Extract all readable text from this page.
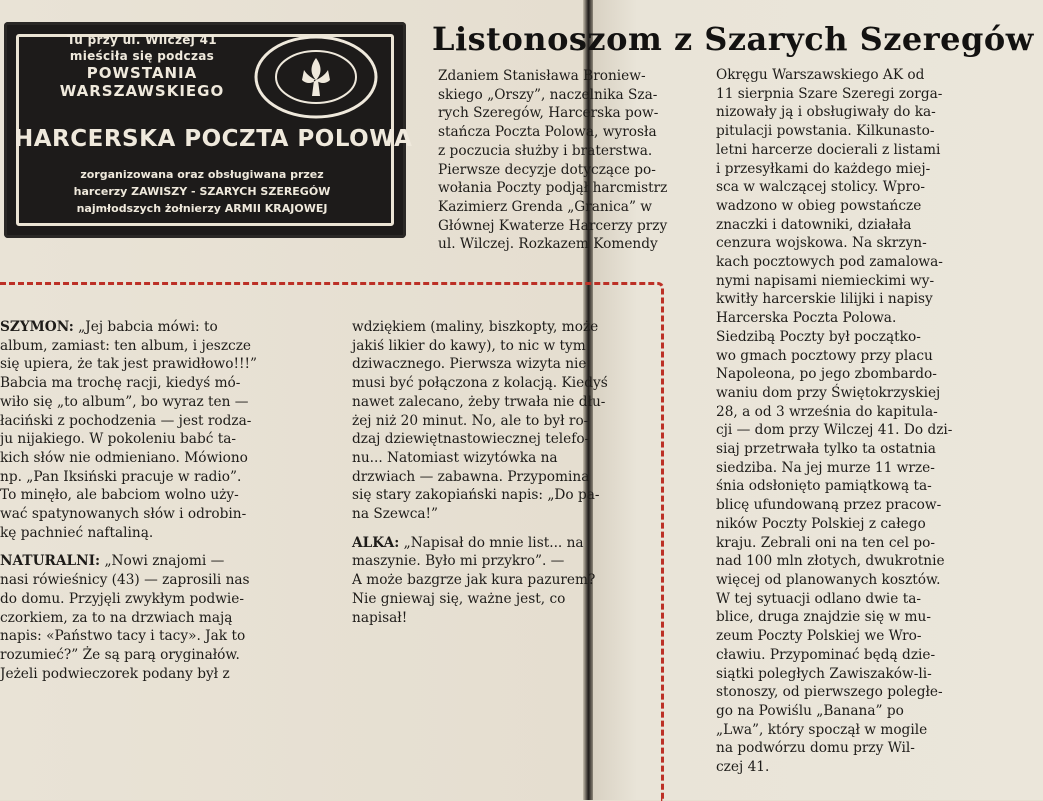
Tu przy ul. Wilczej 41
mieściła się podczas
POWSTANIA
WARSZAWSKIEGO
HARCERSKA POCZTA POLOWA
zorganizowana oraz obsługiwana przez
harcerzy ZAWISZY - SZARYCH SZEREGÓW
najmłodszych żołnierzy ARMII KRAJOWEJ
Listonoszom z Szarych Szeregów
Zdaniem Stanisława Broniew-
skiego „Orszy”, naczelnika Sza-
rych Szeregów, Harcerska pow-
stańcza Poczta Polowa, wyrosła
z poczucia służby i braterstwa.
Pierwsze decyzje dotyczące po-
wołania Poczty podjął harcmistrz
Kazimierz Grenda „Granica” w
Głównej Kwaterze Harcerzy przy
ul. Wilczej. Rozkazem Komendy
Okręgu Warszawskiego AK od
11 sierpnia Szare Szeregi zorga-
nizowały ją i obsługiwały do ka-
pitulacji powstania. Kilkunasto-
letni harcerze docierali z listami
i przesyłkami do każdego miej-
sca w walczącej stolicy. Wpro-
wadzono w obieg powstańcze
znaczki i datowniki, działała
cenzura wojskowa. Na skrzyn-
kach pocztowych pod zamalowa-
nymi napisami niemieckimi wy-
kwitły harcerskie lilijki i napisy
Harcerska Poczta Polowa.
Siedzibą Poczty był początko-
wo gmach pocztowy przy placu
Napoleona, po jego zbombardo-
waniu dom przy Świętokrzyskiej
28, a od 3 września do kapitula-
cji — dom przy Wilczej 41. Do dzi-
siaj przetrwała tylko ta ostatnia
siedziba. Na jej murze 11 wrze-
śnia odsłonięto pamiątkową ta-
blicę ufundowaną przez pracow-
ników Poczty Polskiej z całego
kraju. Zebrali oni na ten cel po-
nad 100 mln złotych, dwukrotnie
więcej od planowanych kosztów.
W tej sytuacji odlano dwie ta-
blice, druga znajdzie się w mu-
zeum Poczty Polskiej we Wro-
cławiu. Przypominać będą dzie-
siątki poległych Zawiszaków-li-
stonoszy, od pierwszego poległe-
go na Powiślu „Banana” po
„Lwa”, który spoczął w mogile
na podwórzu domu przy Wil-
czej 41.
SZYMON: „Jej babcia mówi: to
album, zamiast: ten album, i jeszcze
się upiera, że tak jest prawidłowo!!!”
Babcia ma trochę racji, kiedyś mó-
wiło się „to album”, bo wyraz ten —
łaciński z pochodzenia — jest rodza-
ju nijakiego. W pokoleniu babć ta-
kich słów nie odmieniano. Mówiono
np. „Pan Iksiński pracuje w radio”.
To minęło, ale babciom wolno uży-
wać spatynowanych słów i odrobin-
kę pachnieć naftaliną.
NATURALNI: „Nowi znajomi —
nasi rówieśnicy (43) — zaprosili nas
do domu. Przyjęli zwykłym podwie-
czorkiem, za to na drzwiach mają
napis: «Państwo tacy i tacy». Jak to
rozumieć?” Że są parą oryginałów.
Jeżeli podwieczorek podany był z
wdziękiem (maliny, biszkopty, może
jakiś likier do kawy), to nic w tym
dziwacznego. Pierwsza wizyta nie
musi być połączona z kolacją. Kiedyś
nawet zalecano, żeby trwała nie dłu-
żej niż 20 minut. No, ale to był ro-
dzaj dziewiętnastowiecznej telefo-
nu... Natomiast wizytówka na
drzwiach — zabawna. Przypomina
się stary zakopiański napis: „Do pa-
na Szewca!”
ALKA: „Napisał do mnie list... na
maszynie. Było mi przykro”. —
A może bazgrze jak kura pazurem?
Nie gniewaj się, ważne jest, co
napisał!
